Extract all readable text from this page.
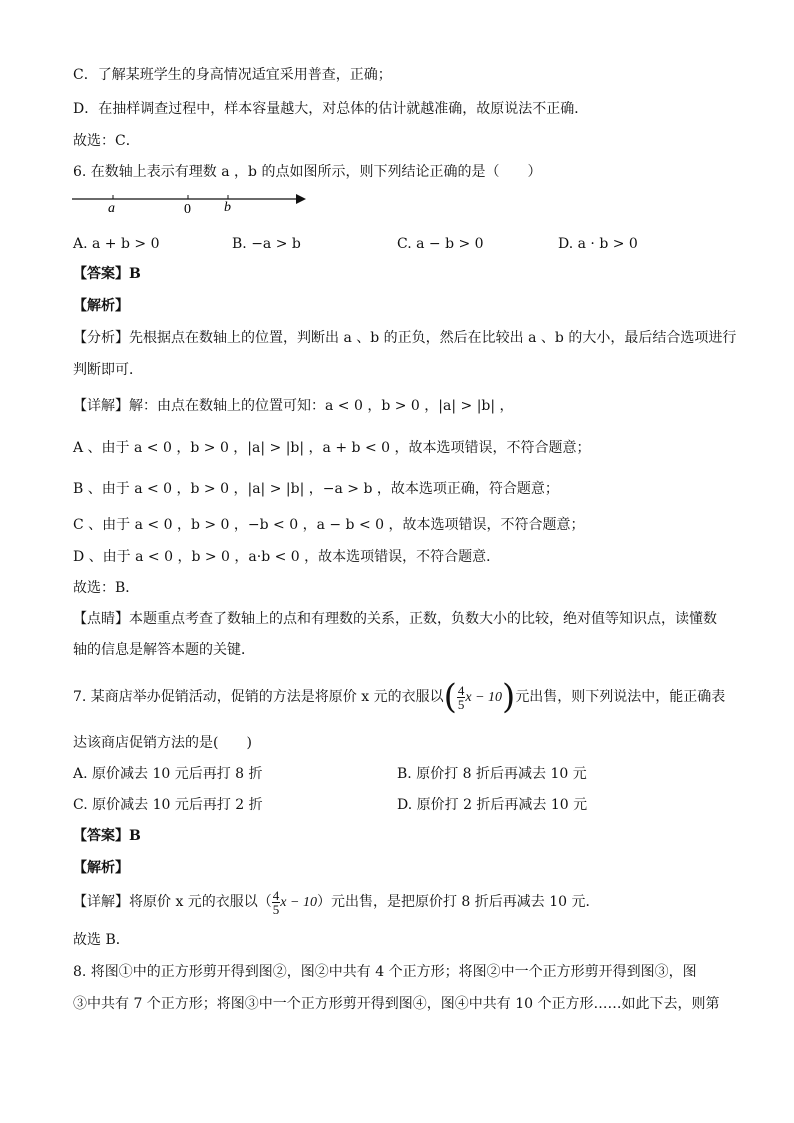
C．了解某班学生的身高情况适宜采用普查，正确；
D．在抽样调查过程中，样本容量越大，对总体的估计就越准确，故原说法不正确．
故选：C．
6. 在数轴上表示有理数 a ，b 的点如图所示，则下列结论正确的是（　　）
a	0 b
A. a + b > 0	B. −a > b	C. a − b > 0	D. a · b > 0
【答案】B
【解析】
【分析】先根据点在数轴上的位置，判断出 a 、b 的正负，然后在比较出 a 、b 的大小，最后结合选项进行
判断即可．
【详解】解：由点在数轴上的位置可知：a < 0 ，b > 0 ，|a| > |b| ，
A 、由于 a < 0 ，b > 0 ，|a| > |b| ，a + b < 0 ，故本选项错误，不符合题意；
B 、由于 a < 0 ，b > 0 ，|a| > |b| ，−a > b ，故本选项正确，符合题意；
C 、由于 a < 0 ，b > 0 ，−b < 0 ，a − b < 0 ，故本选项错误，不符合题意；
D 、由于 a < 0 ，b > 0 ，a·b < 0 ，故本选项错误，不符合题意．
故选：B．
【点睛】本题重点考查了数轴上的点和有理数的关系，正数，负数大小的比较，绝对值等知识点，读懂数
轴的信息是解答本题的关键．
7. 某商店举办促销活动，促销的方法是将原价 x 元的衣服以( $\frac{4}{5}$ x − 10)元出售，则下列说法中，能正确表
达该商店促销方法的是(　　)
A. 原价减去 10 元后再打 8 折	B. 原价打 8 折后再减去 10 元
C. 原价减去 10 元后再打 2 折	D. 原价打 2 折后再减去 10 元
【答案】B
【解析】
【详解】将原价 x 元的衣服以（ $\frac{4}{5}$ x − 10）元出售，是把原价打 8 折后再减去 10 元．
故选 B．
8. 将图①中的正方形剪开得到图②，图②中共有 4 个正方形；将图②中一个正方形剪开得到图③，图
③中共有 7 个正方形；将图③中一个正方形剪开得到图④，图④中共有 10 个正方形……如此下去，则第
